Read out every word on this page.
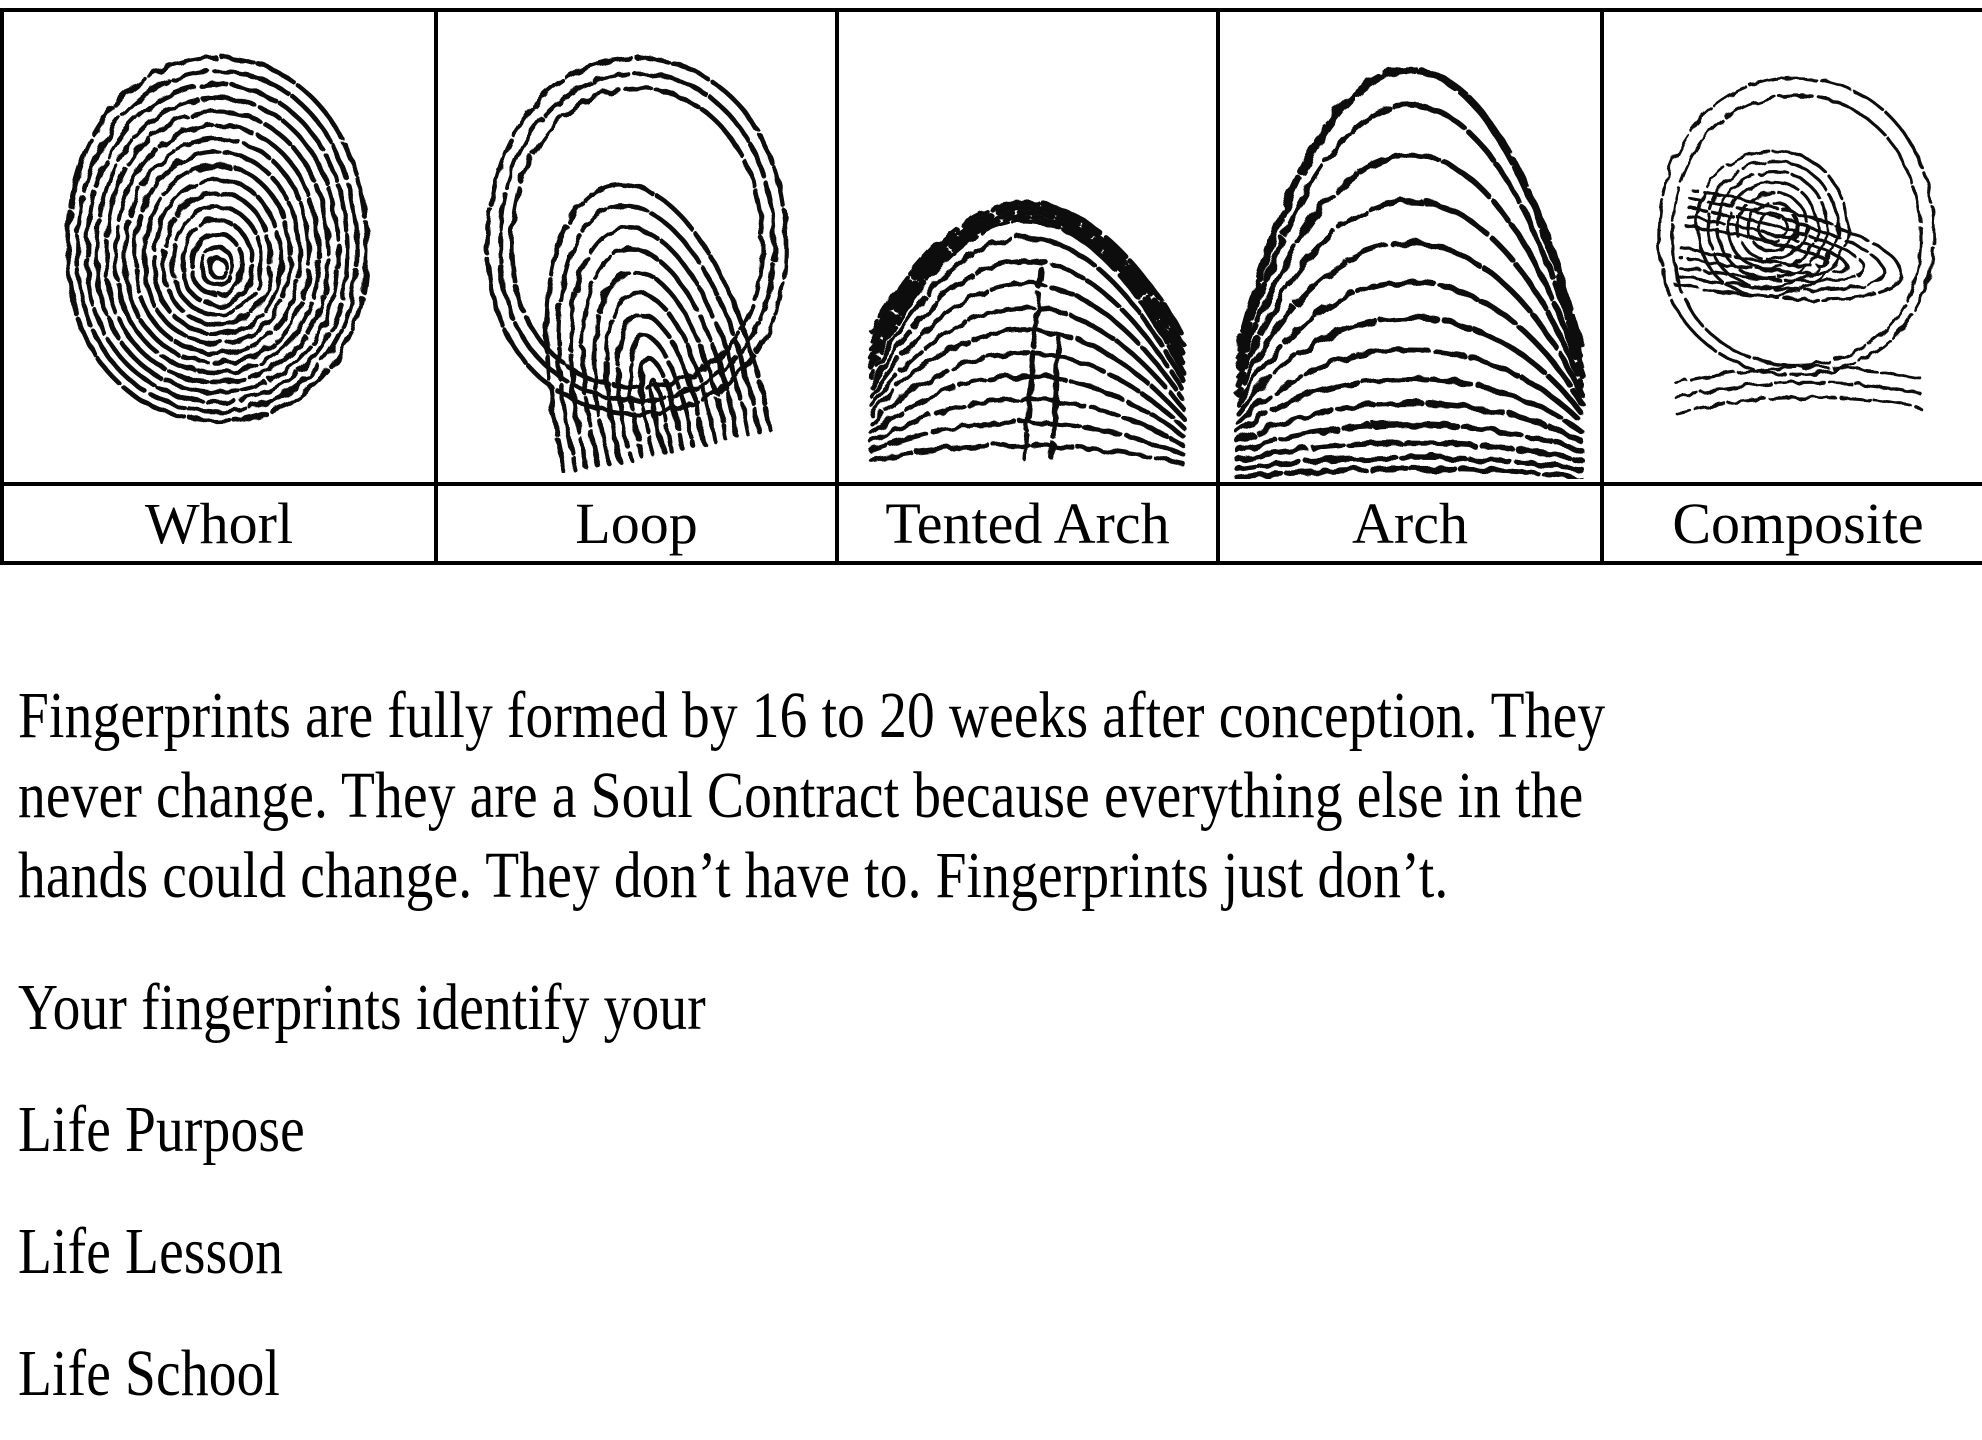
Whorl	Loop	Tented Arch	Arch	Composite
Fingerprints are fully formed by 16 to 20 weeks after conception. They
never change. They are a Soul Contract because everything else in the
hands could change. They don’t have to. Fingerprints just don’t.
Your fingerprints identify your
Life Purpose
Life Lesson
Life School
